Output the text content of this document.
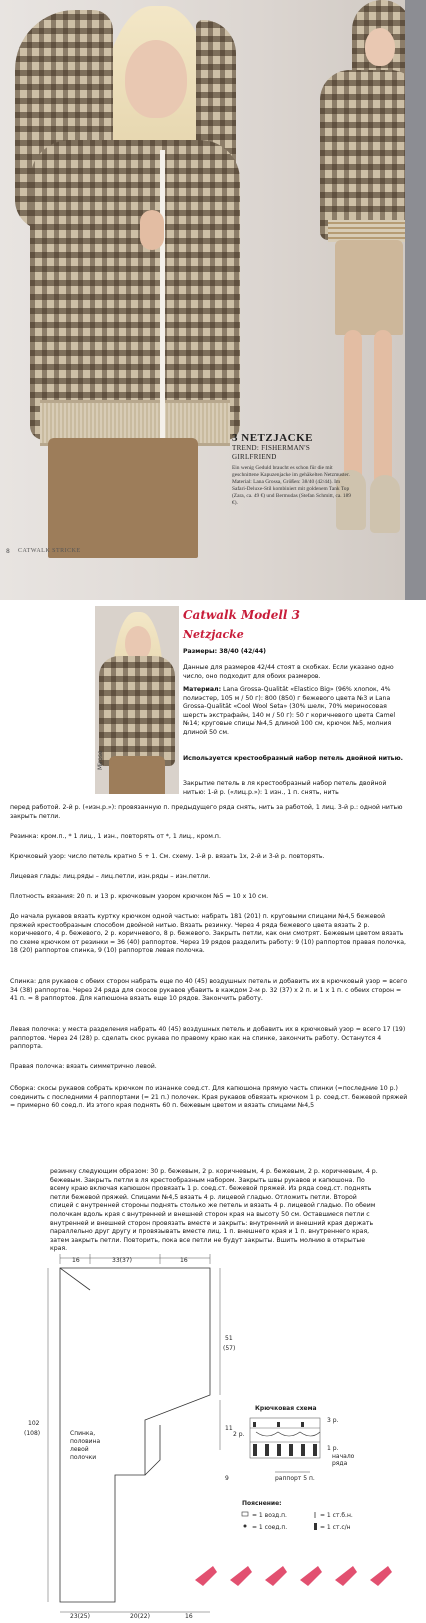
3 NETZJACKE
TREND: FISHERMAN'S GIRLFRIEND
Ein wenig Geduld braucht es schon für die mit geschnittene Kapuzenjacke im gehäkelten Netzmuster. Material: Lana Grossa, Größen: 38/40 (42/44). Im Safari-Deluxe-Stil kombiniert mit goldenem Tank Top (Zara, ca. 49 €) und Bermudas (Stefan Schmitt, ca. 189 €).
8 CATWALK STRICKE
Mirose
Catwalk Modell 3
Netzjacke
Размеры: 38/40 (42/44)
Данные для размеров 42/44 стоят в скобках. Если указано одно число, оно подходит для обоих размеров.
Материал: Lana Grossa-Qualität «Elastico Big» (96% хлопок, 4% полиэстер, 105 м / 50 г): 800 (850) г бежевого цвета №3 и Lana Grossa-Qualität «Cool Wool Seta» (30% шелк, 70% мериносовая шерсть экстрафайн, 140 м / 50 г): 50 г коричневого цвета Camel №14; круговые спицы №4,5 длиной 100 см, крючок №5, молния длиной 50 см.
Используется крестообразный набор петель двойной нитью.
Закрытие петель в ля крестообразный набор петель двойной нитью: 1-й р. («лиц.р.»): 1 изн., 1 п. снять, нить
перед работой. 2-й р. («изн.р.»): провязанную п. предыдущего ряда снять, нить за работой, 1 лиц. 3-й р.: одной нитью закрыть петли.
Резинка: кром.п., * 1 лиц., 1 изн., повторять от *, 1 лиц., кром.п.
Крючковый узор: число петель кратно 5 + 1. См. схему. 1-й р. вязать 1х, 2-й и 3-й р. повторять.
Лицевая гладь: лиц.ряды – лиц.петли, изн.ряды – изн.петли.
Плотность вязания: 20 п. и 13 р. крючковым узором крючком №5 = 10 х 10 см.
До начала рукавов вязать куртку крючком одной частью: набрать 181 (201) п. круговыми спицами №4,5 бежевой пряжей крестообразным способом двойной нитью. Вязать резинку. Через 4 ряда бежевого цвета вязать 2 р. коричневого, 4 р. бежевого, 2 р. коричневого, 8 р. бежевого. Закрыть петли, как они смотрят. Бежевым цветом вязать по схеме крючком от резинки = 36 (40) раппортов. Через 19 рядов разделить работу: 9 (10) раппортов правая полочка, 18 (20) раппортов спинка, 9 (10) раппортов левая полочка.
Спинка: для рукавов с обеих сторон набрать еще по 40 (45) воздушных петель и добавить их в крючковый узор = всего 34 (38) раппортов. Через 24 ряда для скосов рукавов убавить в каждом 2-м р. 32 (37) х 2 п. и 1 х 1 п. с обеих сторон = 41 п. = 8 раппортов. Для капюшона вязать еще 10 рядов. Закончить работу.
Левая полочка: у места разделения набрать 40 (45) воздушных петель и добавить их в крючковый узор = всего 17 (19) раппортов. Через 24 (28) р. сделать скос рукава по правому краю как на спинке, закончить работу. Останутся 4 раппорта.
Правая полочка: вязать симметрично левой.
Сборка: скосы рукавов собрать крючком по изнанке соед.ст. Для капюшона прямую часть спинки (=последние 10 р.) соединить с последними 4 раппортами (= 21 п.) полочек. Края рукавов обвязать крючком 1 р. соед.ст. бежевой пряжей = примерно 60 соед.п. Из этого края поднять 60 п. бежевым цветом и вязать спицами №4,5
резинку следующим образом: 30 р. бежевым, 2 р. коричневым, 4 р. бежевым, 2 р. коричневым, 4 р. бежевым. Закрыть петли в ля крестообразным набором. Закрыть швы рукавов и капюшона. По всему краю включая капюшон провязать 1 р. соед.ст. бежевой пряжей. Из ряда соед.ст. поднять петли бежевой пряжей. Спицами №4,5 вязать 4 р. лицевой гладью. Отложить петли. Второй спицей с внутренней стороны поднять столько же петель и вязать 4 р. лицевой гладью. По обеим полочкам вдоль края с внутренней и внешней сторон края на высоту 50 см. Оставшиеся петли с внутренней и внешней сторон провязать вместе и закрыть: внутренний и внешний края держать параллельно друг другу и провязывать вместе лиц. 1 п. внешнего края и 1 п. внутреннего края, затем закрыть петли. Повторить, пока все петли не будут закрыты. Вшить молнию в открытые края.
16	33(37)	16
51
(57)
11
9
102
(108)
23(25)	20(22)	16
Спинка,
половина
левой
полочки
Крючковая схема
3 р.
2 р.
1 р.
начало
ряда
раппорт 5 п.
Пояснение:
= 1 возд.п.
= 1 соед.п.
= 1 ст.б.н.
= 1 ст.с/н
